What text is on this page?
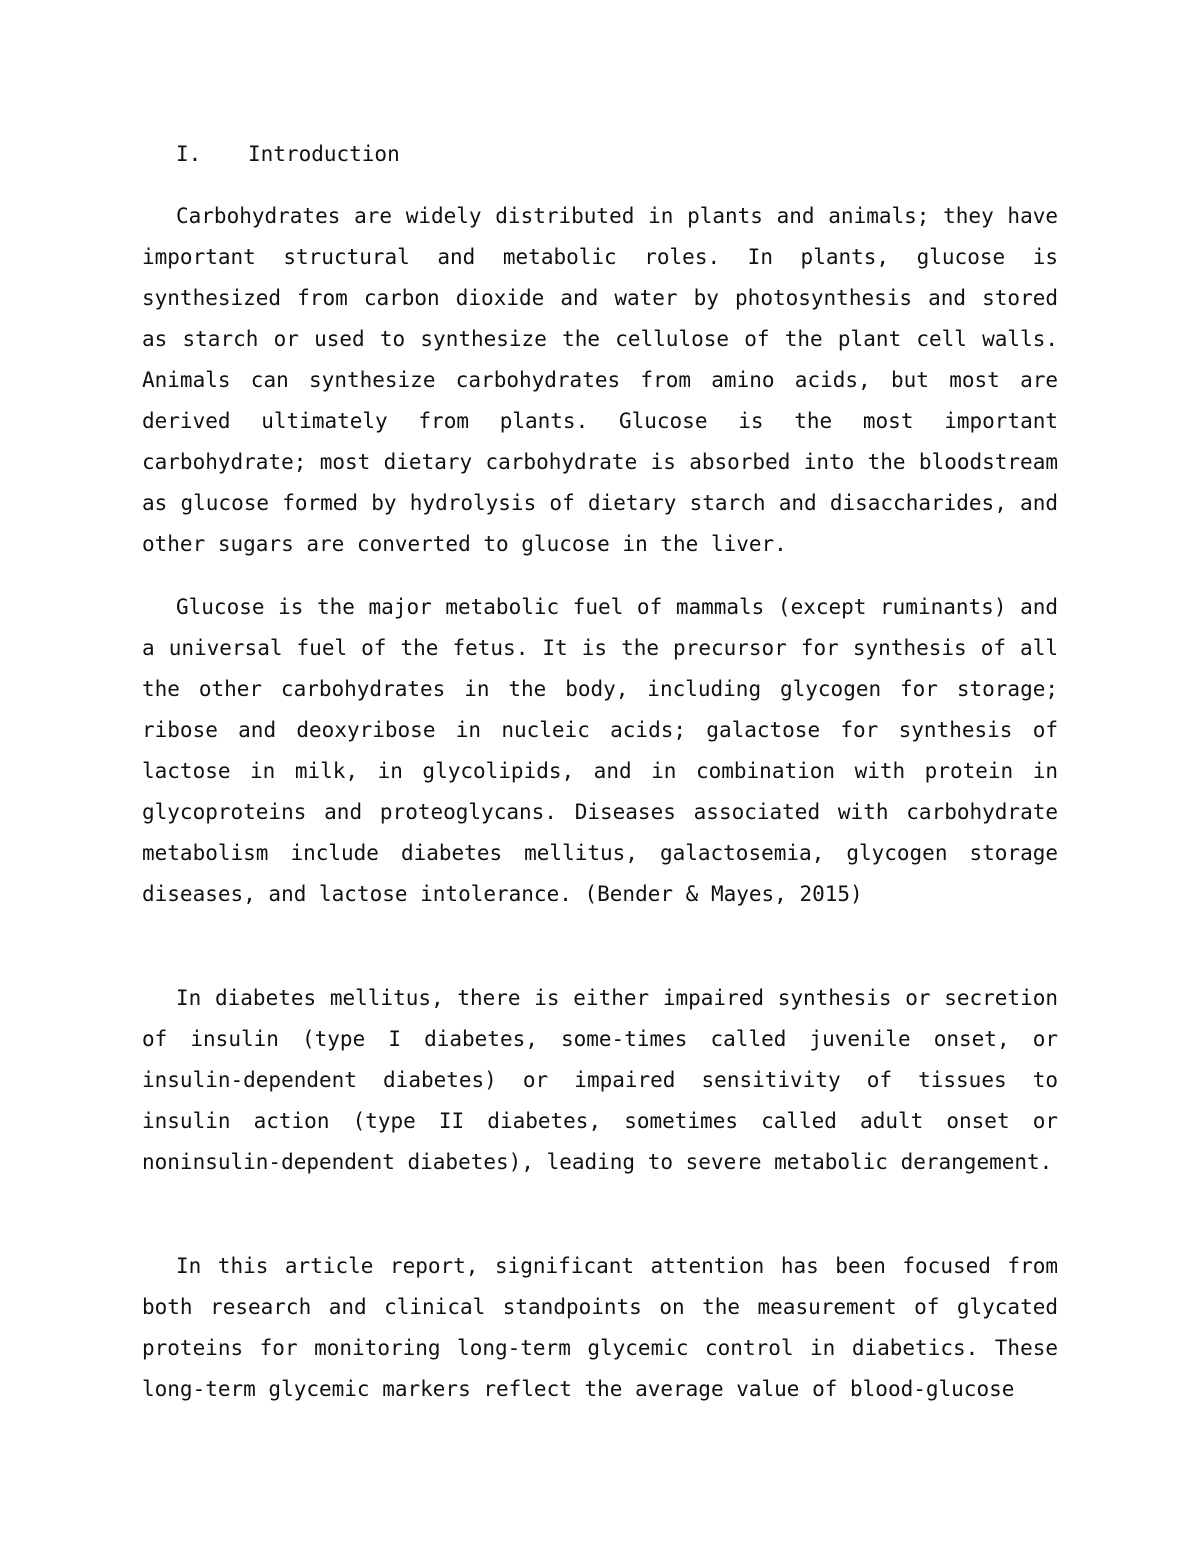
I. Introduction

Carbohydrates are widely distributed in plants and animals; they have important structural and metabolic roles. In plants, glucose is synthesized from carbon dioxide and water by photosynthesis and stored as starch or used to synthesize the cellulose of the plant cell walls. Animals can synthesize carbohydrates from amino acids, but most are derived ultimately from plants. Glucose is the most important carbohydrate; most dietary carbohydrate is absorbed into the bloodstream as glucose formed by hydrolysis of dietary starch and disaccharides, and other sugars are converted to glucose in the liver.

Glucose is the major metabolic fuel of mammals (except ruminants) and a universal fuel of the fetus. It is the precursor for synthesis of all the other carbohydrates in the body, including glycogen for storage; ribose and deoxyribose in nucleic acids; galactose for synthesis of lactose in milk, in glycolipids, and in combination with protein in glycoproteins and proteoglycans. Diseases associated with carbohydrate metabolism include diabetes mellitus, galactosemia, glycogen storage diseases, and lactose intolerance. (Bender & Mayes, 2015)

In diabetes mellitus, there is either impaired synthesis or secretion of insulin (type I diabetes, some-times called juvenile onset, or insulin-dependent diabetes) or impaired sensitivity of tissues to insulin action (type II diabetes, sometimes called adult onset or noninsulin-dependent diabetes), leading to severe metabolic derangement.

In this article report, significant attention has been focused from both research and clinical standpoints on the measurement of glycated proteins for monitoring long-term glycemic control in diabetics. These long-term glycemic markers reflect the average value of blood-glucose
